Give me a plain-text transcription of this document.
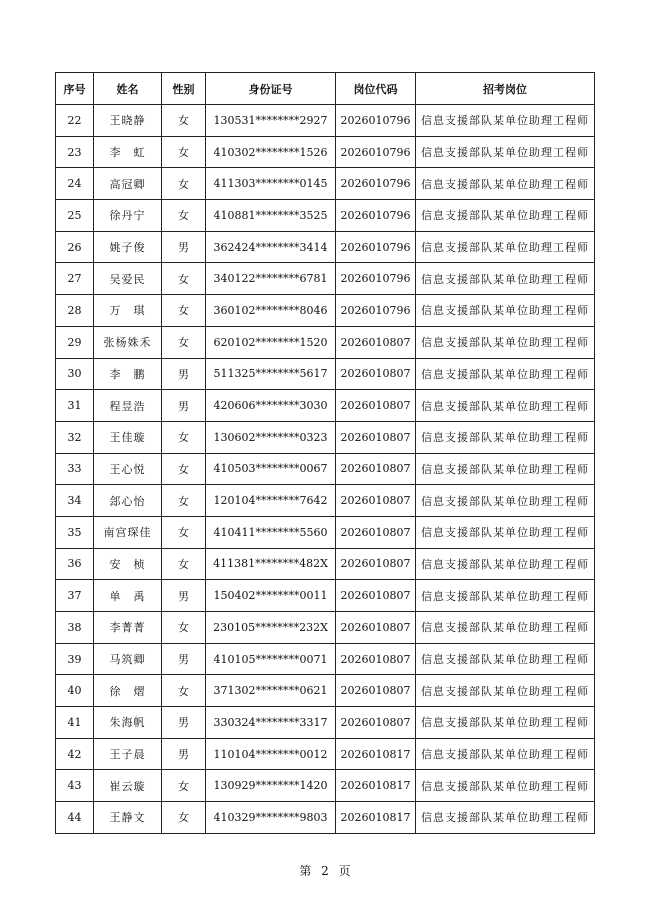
序号	姓名	性别	身份证号	岗位代码	招考岗位
22	王晓静	女	130531********2927	2026010796	信息支援部队某单位助理工程师
23	李　虹	女	410302********1526	2026010796	信息支援部队某单位助理工程师
24	高冠卿	女	411303********0145	2026010796	信息支援部队某单位助理工程师
25	徐丹宁	女	410881********3525	2026010796	信息支援部队某单位助理工程师
26	姚子俊	男	362424********3414	2026010796	信息支援部队某单位助理工程师
27	吴爱民	女	340122********6781	2026010796	信息支援部队某单位助理工程师
28	万　琪	女	360102********8046	2026010796	信息支援部队某单位助理工程师
29	张杨姝禾	女	620102********1520	2026010807	信息支援部队某单位助理工程师
30	李　鹏	男	511325********5617	2026010807	信息支援部队某单位助理工程师
31	程昱浩	男	420606********3030	2026010807	信息支援部队某单位助理工程师
32	王佳璇	女	130602********0323	2026010807	信息支援部队某单位助理工程师
33	王心悦	女	410503********0067	2026010807	信息支援部队某单位助理工程师
34	郐心怡	女	120104********7642	2026010807	信息支援部队某单位助理工程师
35	南宫琛佳	女	410411********5560	2026010807	信息支援部队某单位助理工程师
36	安　桢	女	411381********482X	2026010807	信息支援部队某单位助理工程师
37	单　禹	男	150402********0011	2026010807	信息支援部队某单位助理工程师
38	李菁菁	女	230105********232X	2026010807	信息支援部队某单位助理工程师
39	马筑卿	男	410105********0071	2026010807	信息支援部队某单位助理工程师
40	徐　熠	女	371302********0621	2026010807	信息支援部队某单位助理工程师
41	朱海帆	男	330324********3317	2026010807	信息支援部队某单位助理工程师
42	王子晨	男	110104********0012	2026010817	信息支援部队某单位助理工程师
43	崔云璇	女	130929********1420	2026010817	信息支援部队某单位助理工程师
44	王静文	女	410329********9803	2026010817	信息支援部队某单位助理工程师
第 2 页
